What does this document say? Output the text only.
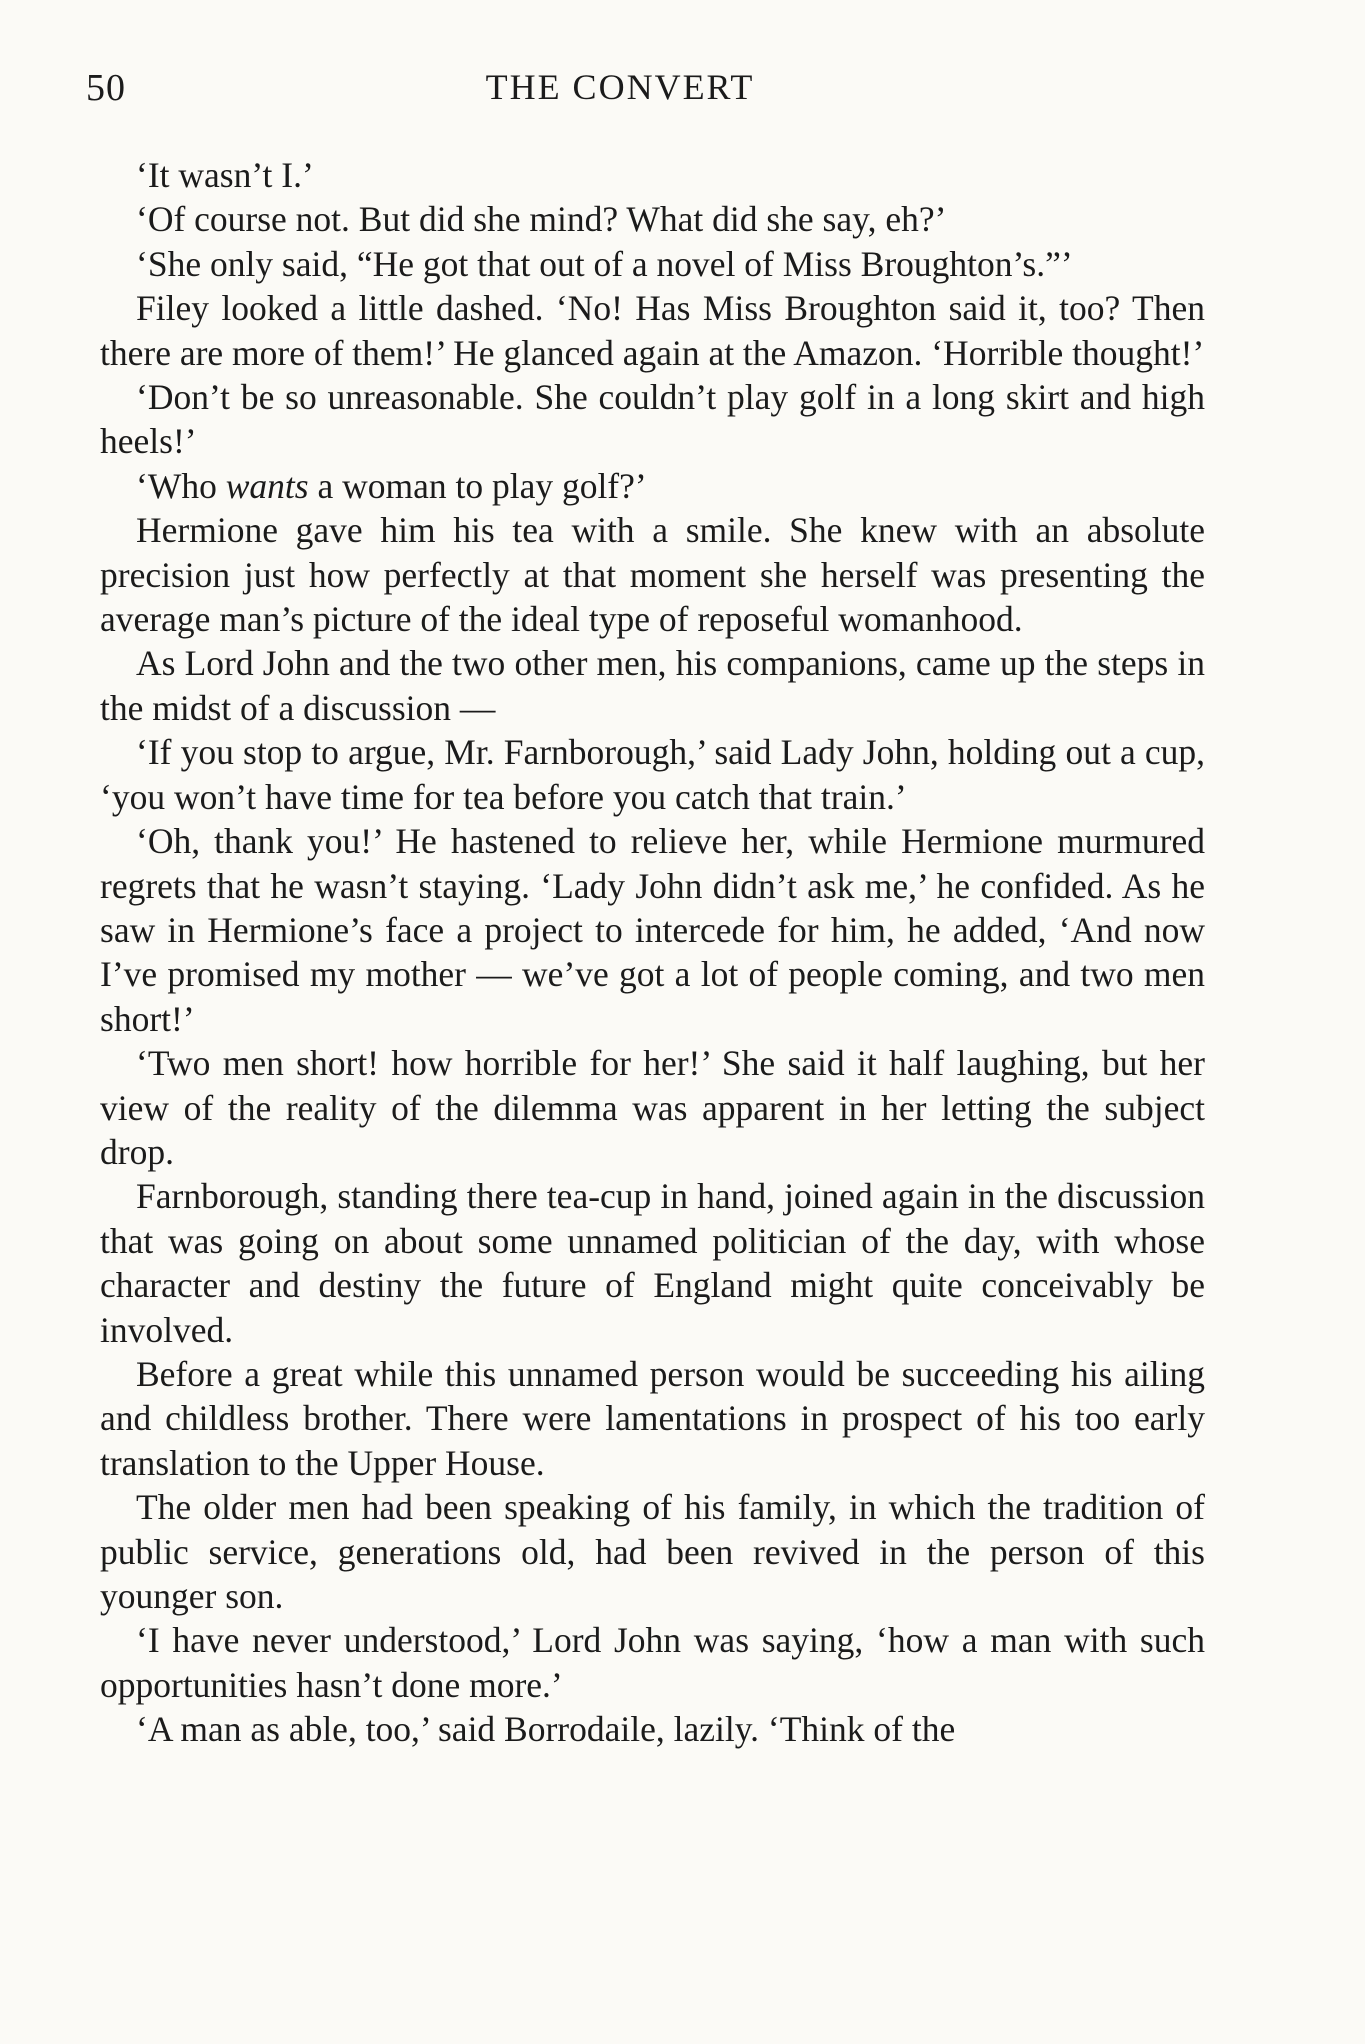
50	THE CONVERT

‘It wasn’t I.’

‘Of course not. But did she mind? What did she say, eh?’

‘She only said, “He got that out of a novel of Miss Broughton’s.”’

Filey looked a little dashed. ‘No! Has Miss Broughton said it, too? Then there are more of them!’ He glanced again at the Amazon. ‘Horrible thought!’

‘Don’t be so unreasonable. She couldn’t play golf in a long skirt and high heels!’

‘Who wants a woman to play golf?’

Hermione gave him his tea with a smile. She knew with an absolute precision just how perfectly at that moment she herself was presenting the average man’s picture of the ideal type of reposeful womanhood.

As Lord John and the two other men, his companions, came up the steps in the midst of a discussion —

‘If you stop to argue, Mr. Farnborough,’ said Lady John, holding out a cup, ‘you won’t have time for tea before you catch that train.’

‘Oh, thank you!’ He hastened to relieve her, while Hermione murmured regrets that he wasn’t staying. ‘Lady John didn’t ask me,’ he confided. As he saw in Hermione’s face a project to intercede for him, he added, ‘And now I’ve promised my mother — we’ve got a lot of people coming, and two men short!’

‘Two men short! how horrible for her!’ She said it half laughing, but her view of the reality of the dilemma was apparent in her letting the subject drop.

Farnborough, standing there tea-cup in hand, joined again in the discussion that was going on about some unnamed politician of the day, with whose character and destiny the future of England might quite conceivably be involved.

Before a great while this unnamed person would be succeeding his ailing and childless brother. There were lamentations in prospect of his too early translation to the Upper House.

The older men had been speaking of his family, in which the tradition of public service, generations old, had been revived in the person of this younger son.

‘I have never understood,’ Lord John was saying, ‘how a man with such opportunities hasn’t done more.’

‘A man as able, too,’ said Borrodaile, lazily. ‘Think of the
